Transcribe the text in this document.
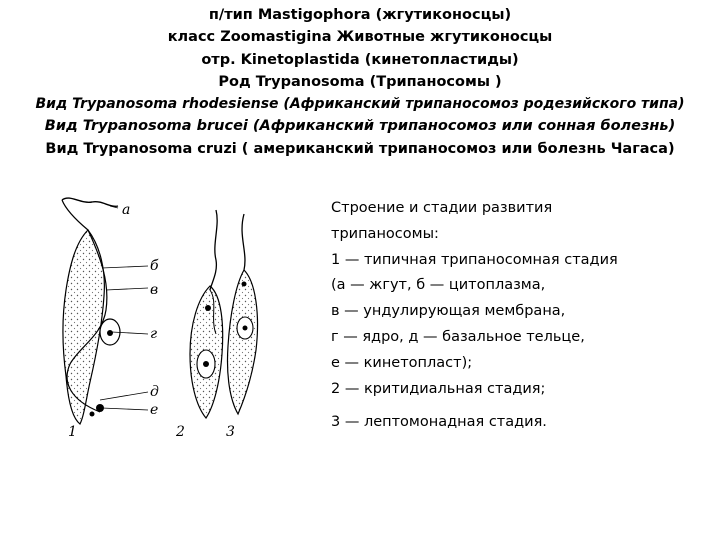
п/тип Mastigophora (жгутиконосцы)
класс Zoomastigina Животные жгутиконосцы
отр. Kinetoplastida (кинетопластиды)
Род Trypanosoma (Трипаносомы )
Вид Trypanosoma rhodesiense (Африканский трипаносомоз родезийского типа)
Вид Trypanosoma brucei (Африканский трипаносомоз или сонная болезнь)
Вид Trypanosoma cruzi ( американский трипаносомоз или болезнь Чагаса)
а
б
в
г
д
е
1	2	3
Строение и стадии развития
трипаносомы:
1 — типичная трипаносомная стадия
(а — жгут, б — цитоплазма,
в — ундулирующая мембрана,
г — ядро, д — базальное тельце,
е — кинетопласт);
2 — критидиальная стадия;
3 — лептомонадная стадия.
